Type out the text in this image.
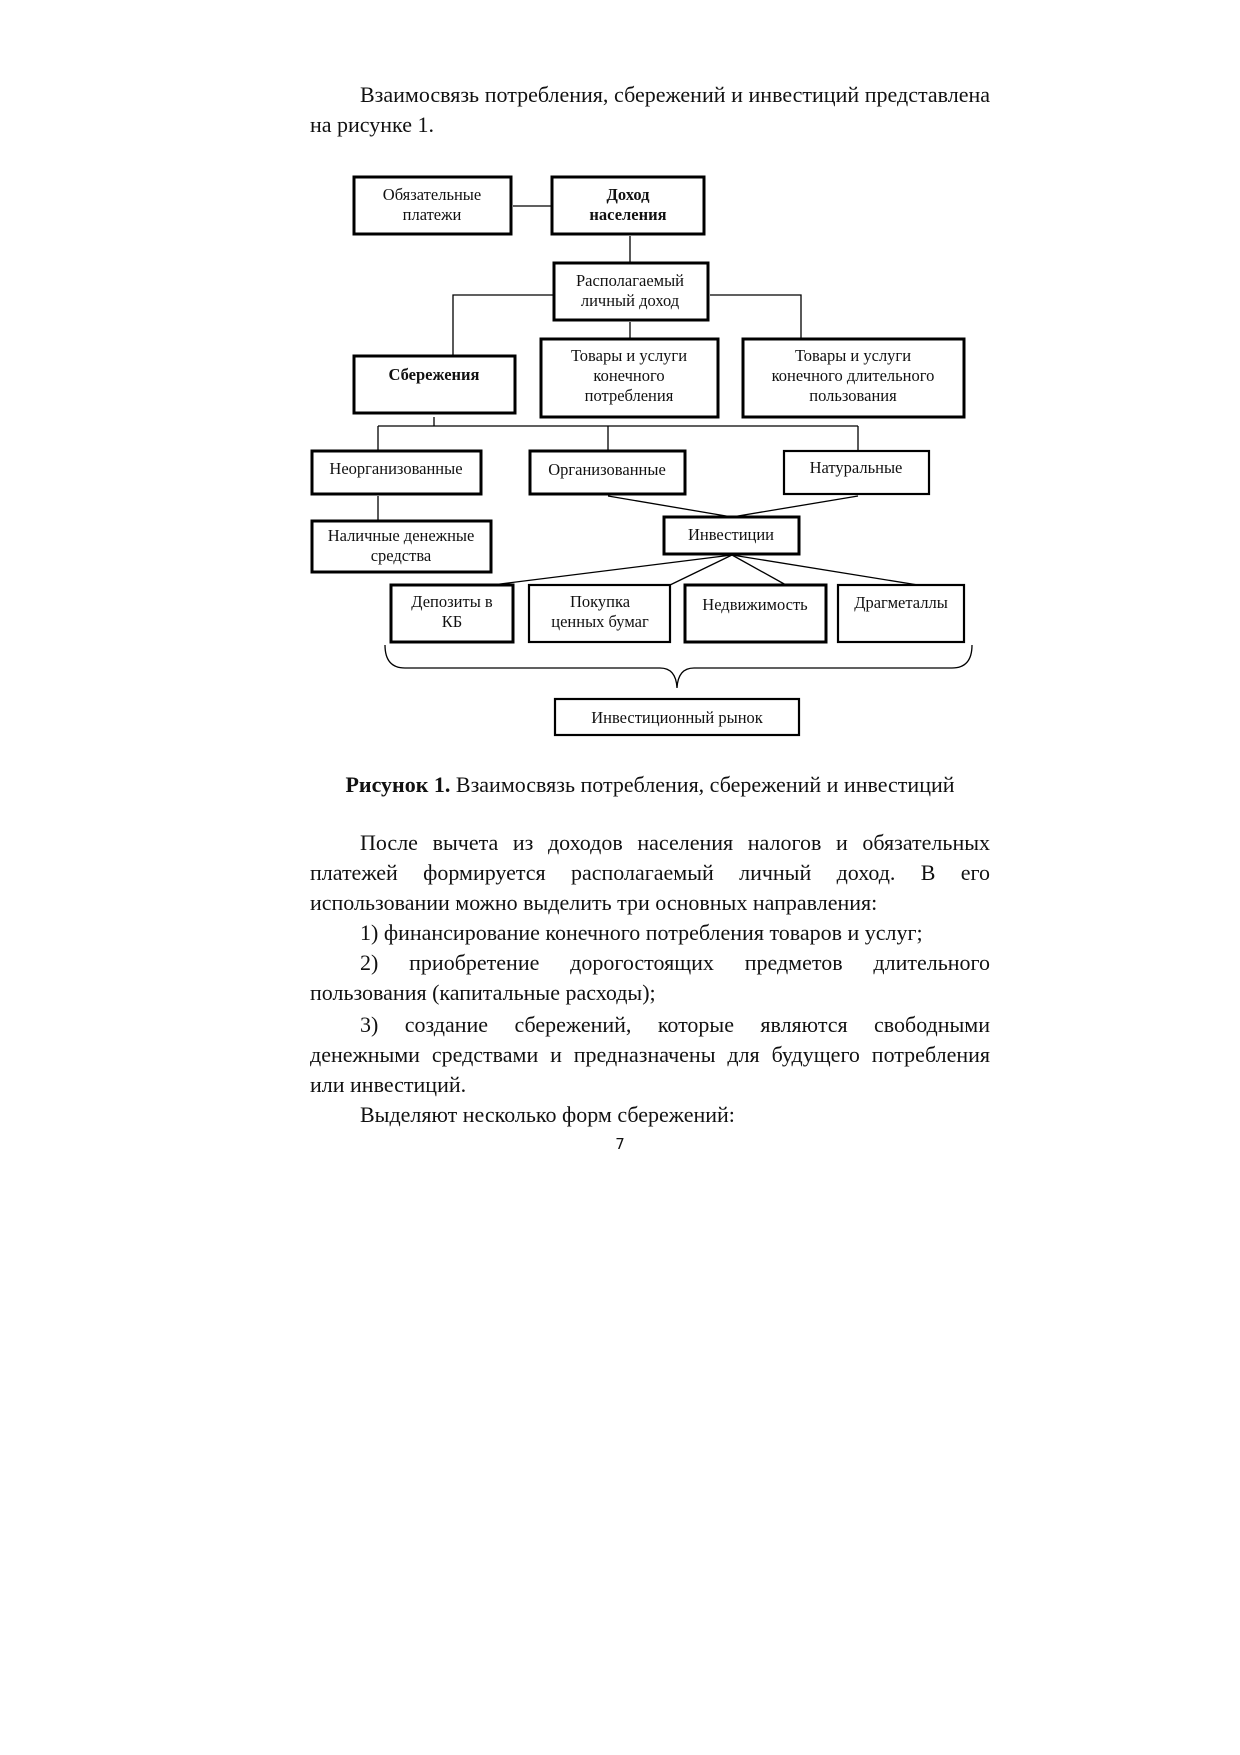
Взаимосвязь потребления, сбережений и инвестиций представлена

на рисунке 1.

Обязательные
платежи
Доход
населения
Располагаемый
личный доход
Сбережения
Товары и услуги
конечного
потребления
Товары и услуги
конечного длительного
пользования
Неорганизованные	Организованные	Натуральные
Наличные денежные
средства
Инвестиции
Депозиты в
КБ
Покупка
ценных бумаг
Недвижимость	Драгметаллы
Инвестиционный рынок

Рисунок 1. Взаимосвязь потребления, сбережений и инвестиций

После вычета из доходов населения налогов и обязательных

платежей формируется располагаемый личный доход. В его

использовании можно выделить три основных направления:

1) финансирование конечного потребления товаров и услуг;

2) приобретение дорогостоящих предметов длительного

пользования (капитальные расходы);

3) создание сбережений, которые являются свободными

денежными средствами и предназначены для будущего потребления

или инвестиций.

Выделяют несколько форм сбережений:

7
